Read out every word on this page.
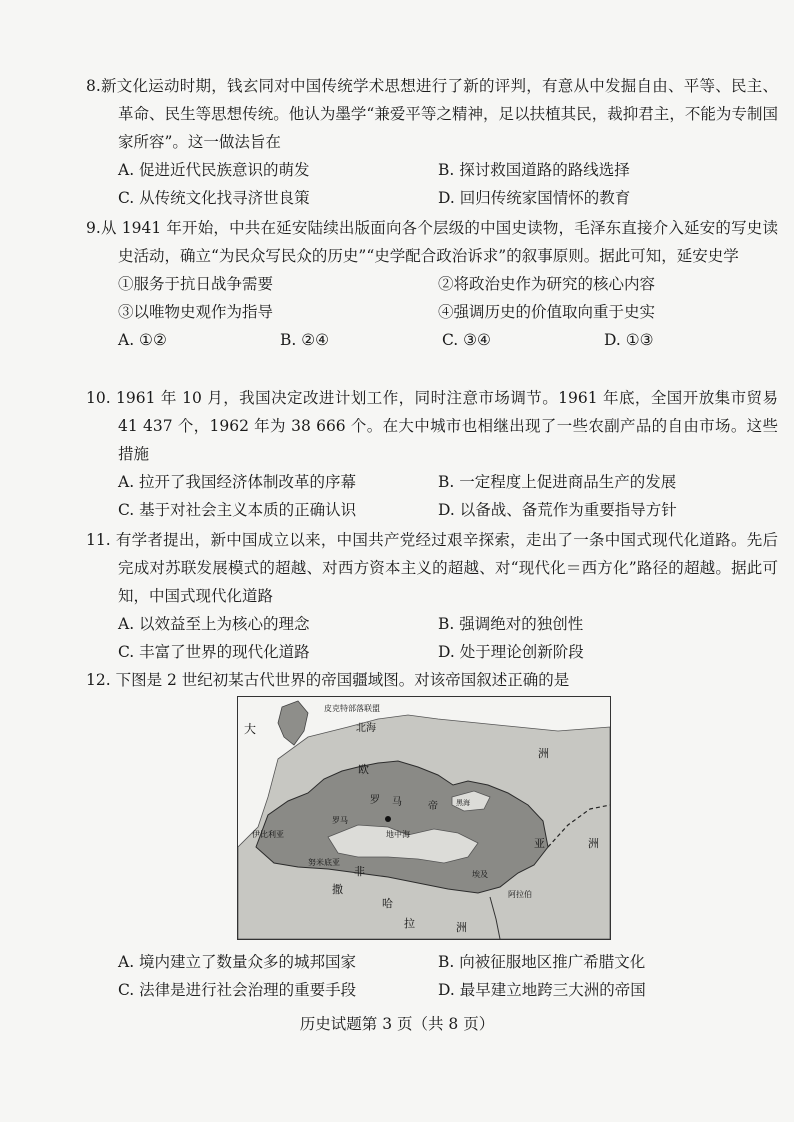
8.新文化运动时期，钱玄同对中国传统学术思想进行了新的评判，有意从中发掘自由、平等、民主、革命、民生等思想传统。他认为墨学“兼爱平等之精神，足以扶植其民，裁抑君主，不能为专制国家所容”。这一做法旨在

A. 促进近代民族意识的萌发	B. 探讨救国道路的路线选择
C. 从传统文化找寻济世良策	D. 回归传统家国情怀的教育

9.从 1941 年开始，中共在延安陆续出版面向各个层级的中国史读物，毛泽东直接介入延安的写史读史活动，确立“为民众写民众的历史”“史学配合政治诉求”的叙事原则。据此可知，延安史学

①服务于抗日战争需要	②将政治史作为研究的核心内容
③以唯物史观作为指导	④强调历史的价值取向重于史实
A. ①②	B. ②④	C. ③④	D. ①③

10. 1961 年 10 月，我国决定改进计划工作，同时注意市场调节。1961 年底，全国开放集市贸易 41 437 个，1962 年为 38 666 个。在大中城市也相继出现了一些农副产品的自由市场。这些措施

A. 拉开了我国经济体制改革的序幕	B. 一定程度上促进商品生产的发展
C. 基于对社会主义本质的正确认识	D. 以备战、备荒作为重要指导方针

11. 有学者提出，新中国成立以来，中国共产党经过艰辛探索，走出了一条中国式现代化道路。先后完成对苏联发展模式的超越、对西方资本主义的超越、对“现代化＝西方化”路径的超越。据此可知，中国式现代化道路

A. 以效益至上为核心的理念	B. 强调绝对的独创性
C. 丰富了世界的现代化道路	D. 处于理论创新阶段

12. 下图是 2 世纪初某古代世界的帝国疆域图。对该帝国叙述正确的是

皮克特部落联盟
北海
大
欧
罗 马	帝
洲
亚	洲
伊比利亚	地中海
黑海
罗马
努米底亚
阿拉伯
埃及
非
撒
哈
拉	洲
A. 境内建立了数量众多的城邦国家	B. 向被征服地区推广希腊文化
C. 法律是进行社会治理的重要手段	D. 最早建立地跨三大洲的帝国
历史试题第 3 页（共 8 页）
